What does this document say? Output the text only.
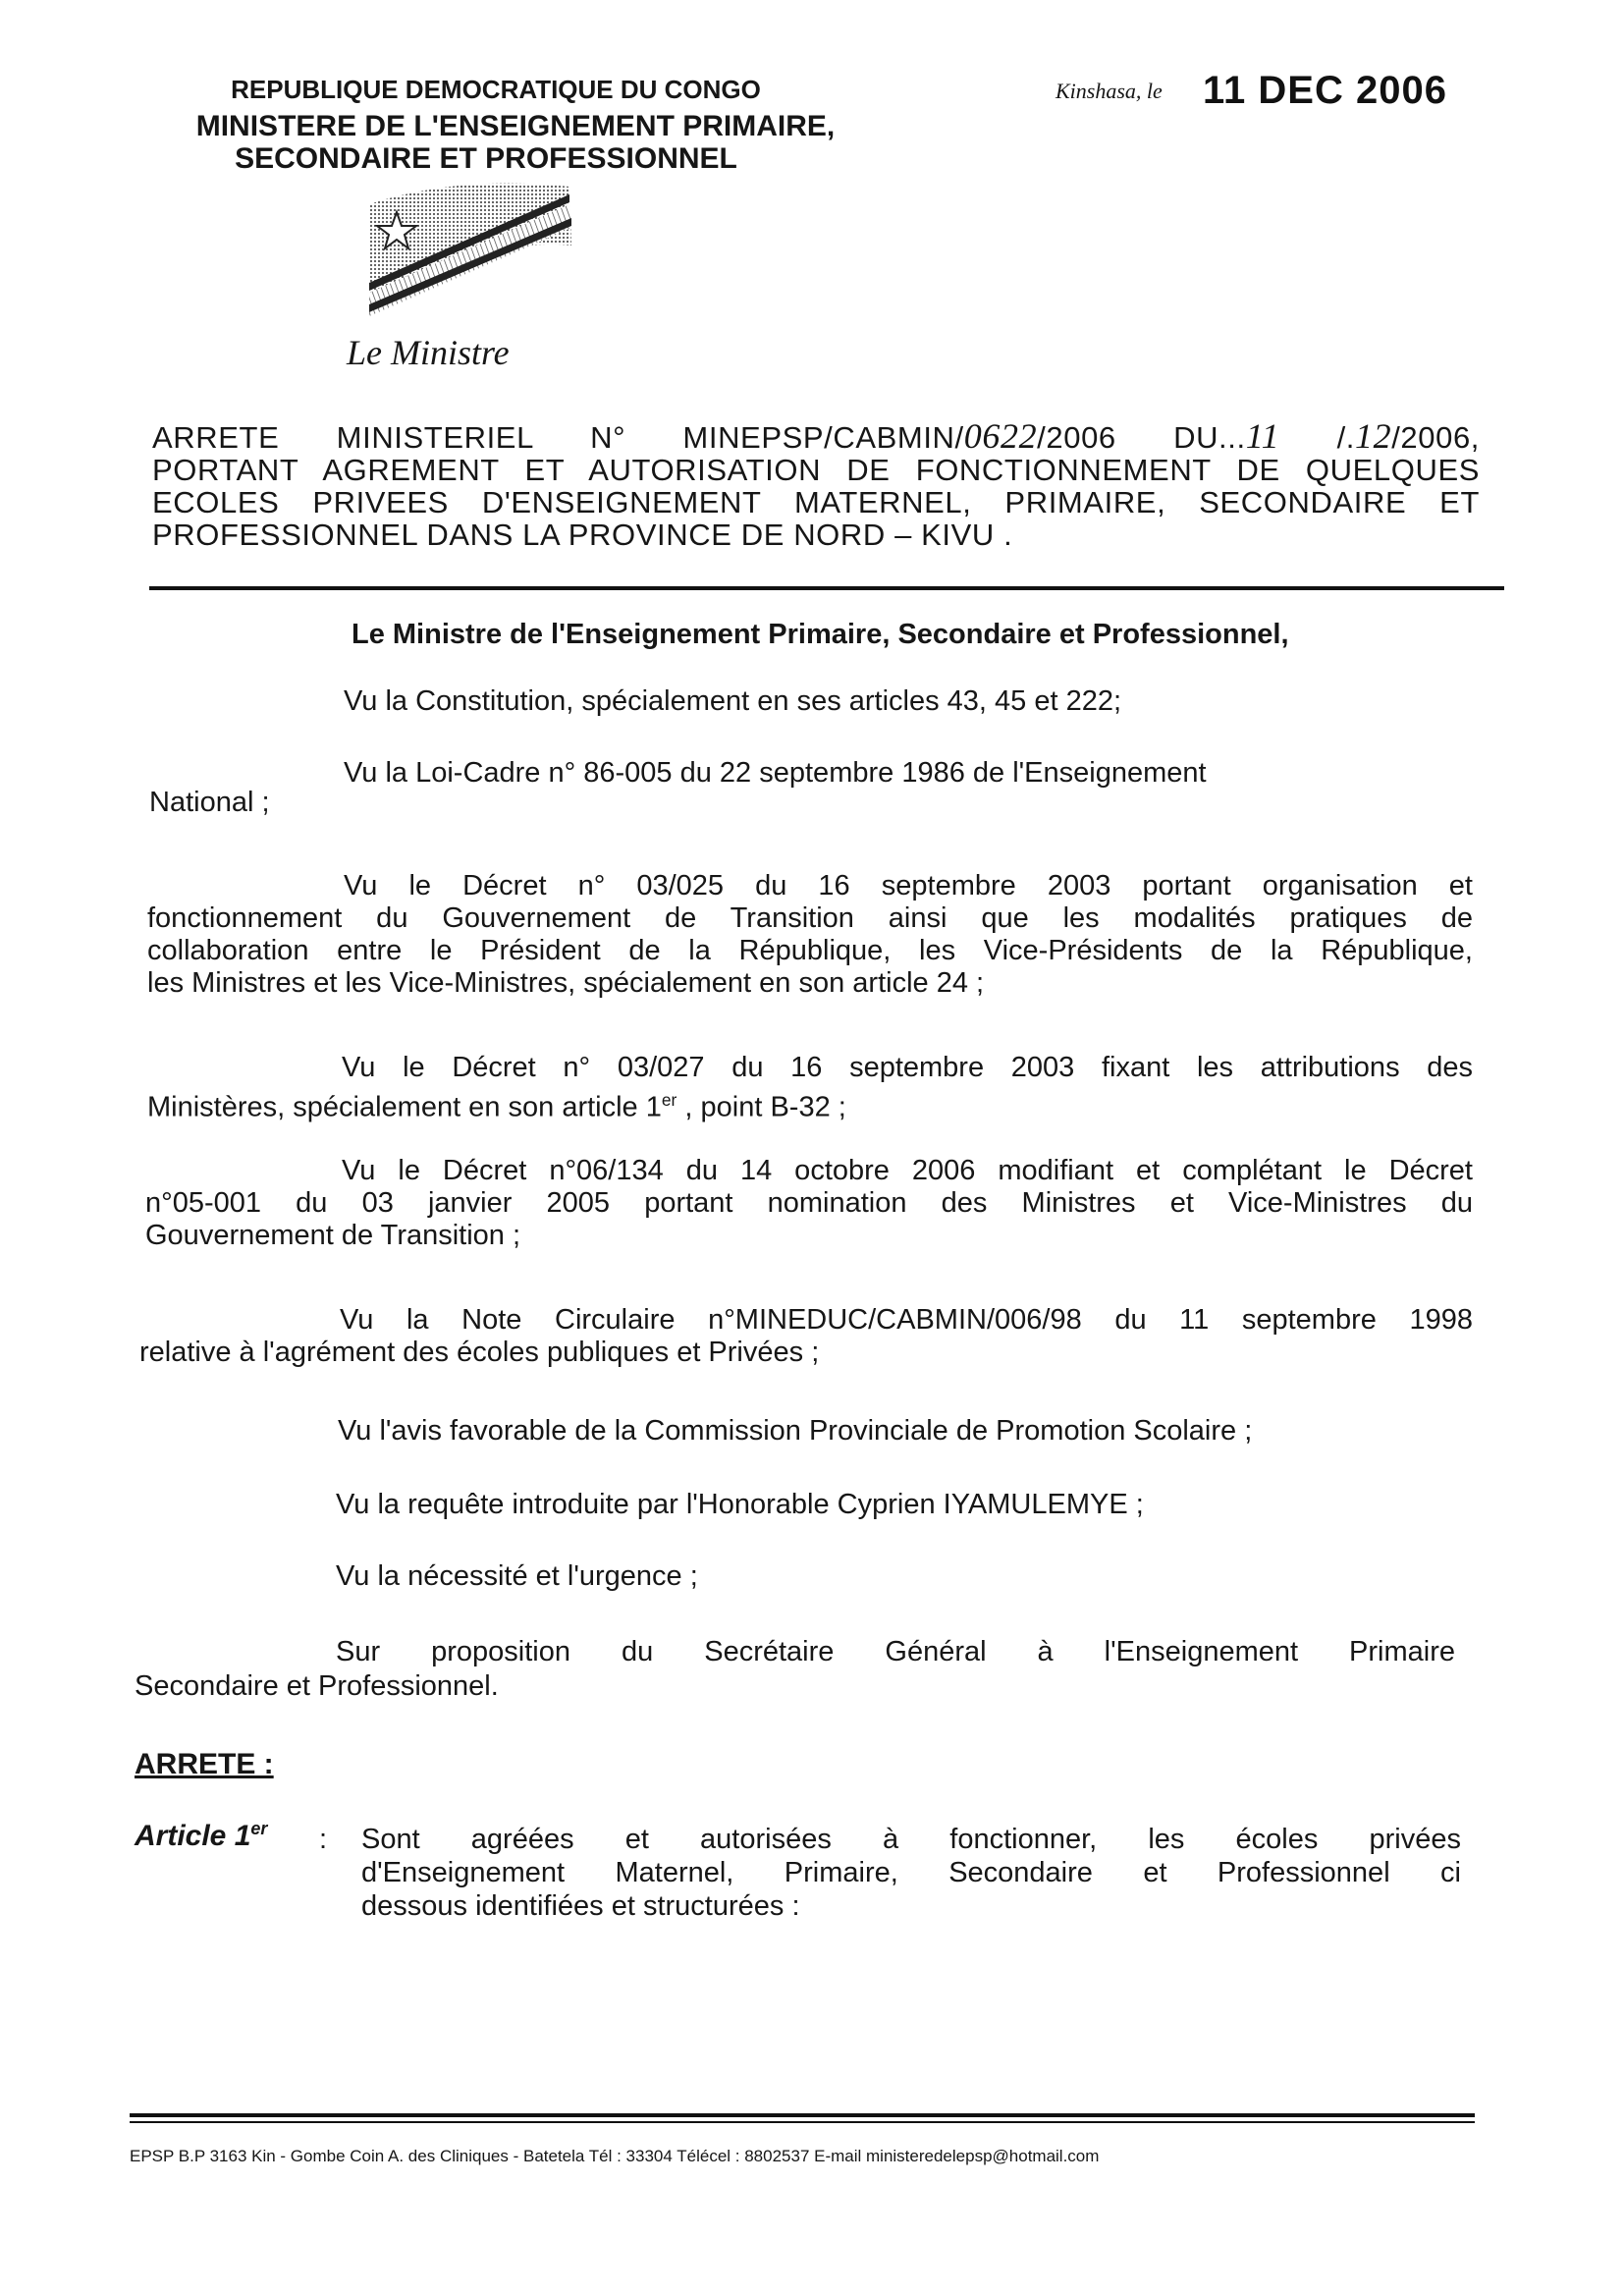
REPUBLIQUE DEMOCRATIQUE DU CONGO
MINISTERE DE L'ENSEIGNEMENT PRIMAIRE,
SECONDAIRE ET PROFESSIONNEL
Kinshasa, le 11 DEC 2006
Le Ministre
ARRETE MINISTERIEL N° MINEPSP/CABMIN/0622/2006 DU...11 /.12/2006,
PORTANT AGREMENT ET AUTORISATION DE FONCTIONNEMENT DE QUELQUES
ECOLES PRIVEES D'ENSEIGNEMENT MATERNEL, PRIMAIRE, SECONDAIRE ET
PROFESSIONNEL DANS LA PROVINCE DE NORD – KIVU .
Le Ministre de l'Enseignement Primaire, Secondaire et Professionnel,
Vu la Constitution, spécialement en ses articles 43, 45 et 222;
Vu la Loi-Cadre n° 86-005 du 22 septembre 1986 de l'Enseignement
National ;
Vu le Décret n° 03/025 du 16 septembre 2003 portant organisation et
fonctionnement du Gouvernement de Transition ainsi que les modalités pratiques de
collaboration entre le Président de la République, les Vice-Présidents de la République,
les Ministres et les Vice-Ministres, spécialement en son article 24 ;
Vu le Décret n° 03/027 du 16 septembre 2003 fixant les attributions des
Ministères, spécialement en son article 1er , point B-32 ;
Vu le Décret n°06/134 du 14 octobre 2006 modifiant et complétant le Décret
n°05-001 du 03 janvier 2005 portant nomination des Ministres et Vice-Ministres du
Gouvernement de Transition ;
Vu la Note Circulaire n°MINEDUC/CABMIN/006/98 du 11 septembre 1998
relative à l'agrément des écoles publiques et Privées ;
Vu l'avis favorable de la Commission Provinciale de Promotion Scolaire ;
Vu la requête introduite par l'Honorable Cyprien IYAMULEMYE ;
Vu la nécessité et l'urgence ;
Sur proposition du Secrétaire Général à l'Enseignement Primaire
Secondaire et Professionnel.
ARRETE :
Article 1er : Sont agréées et autorisées à fonctionner, les écoles privées
d'Enseignement Maternel, Primaire, Secondaire et Professionnel ci
dessous identifiées et structurées :
EPSP B.P 3163 Kin - Gombe Coin A. des Cliniques - Batetela Tél : 33304 Télécel : 8802537 E-mail ministeredelepsp@hotmail.com
